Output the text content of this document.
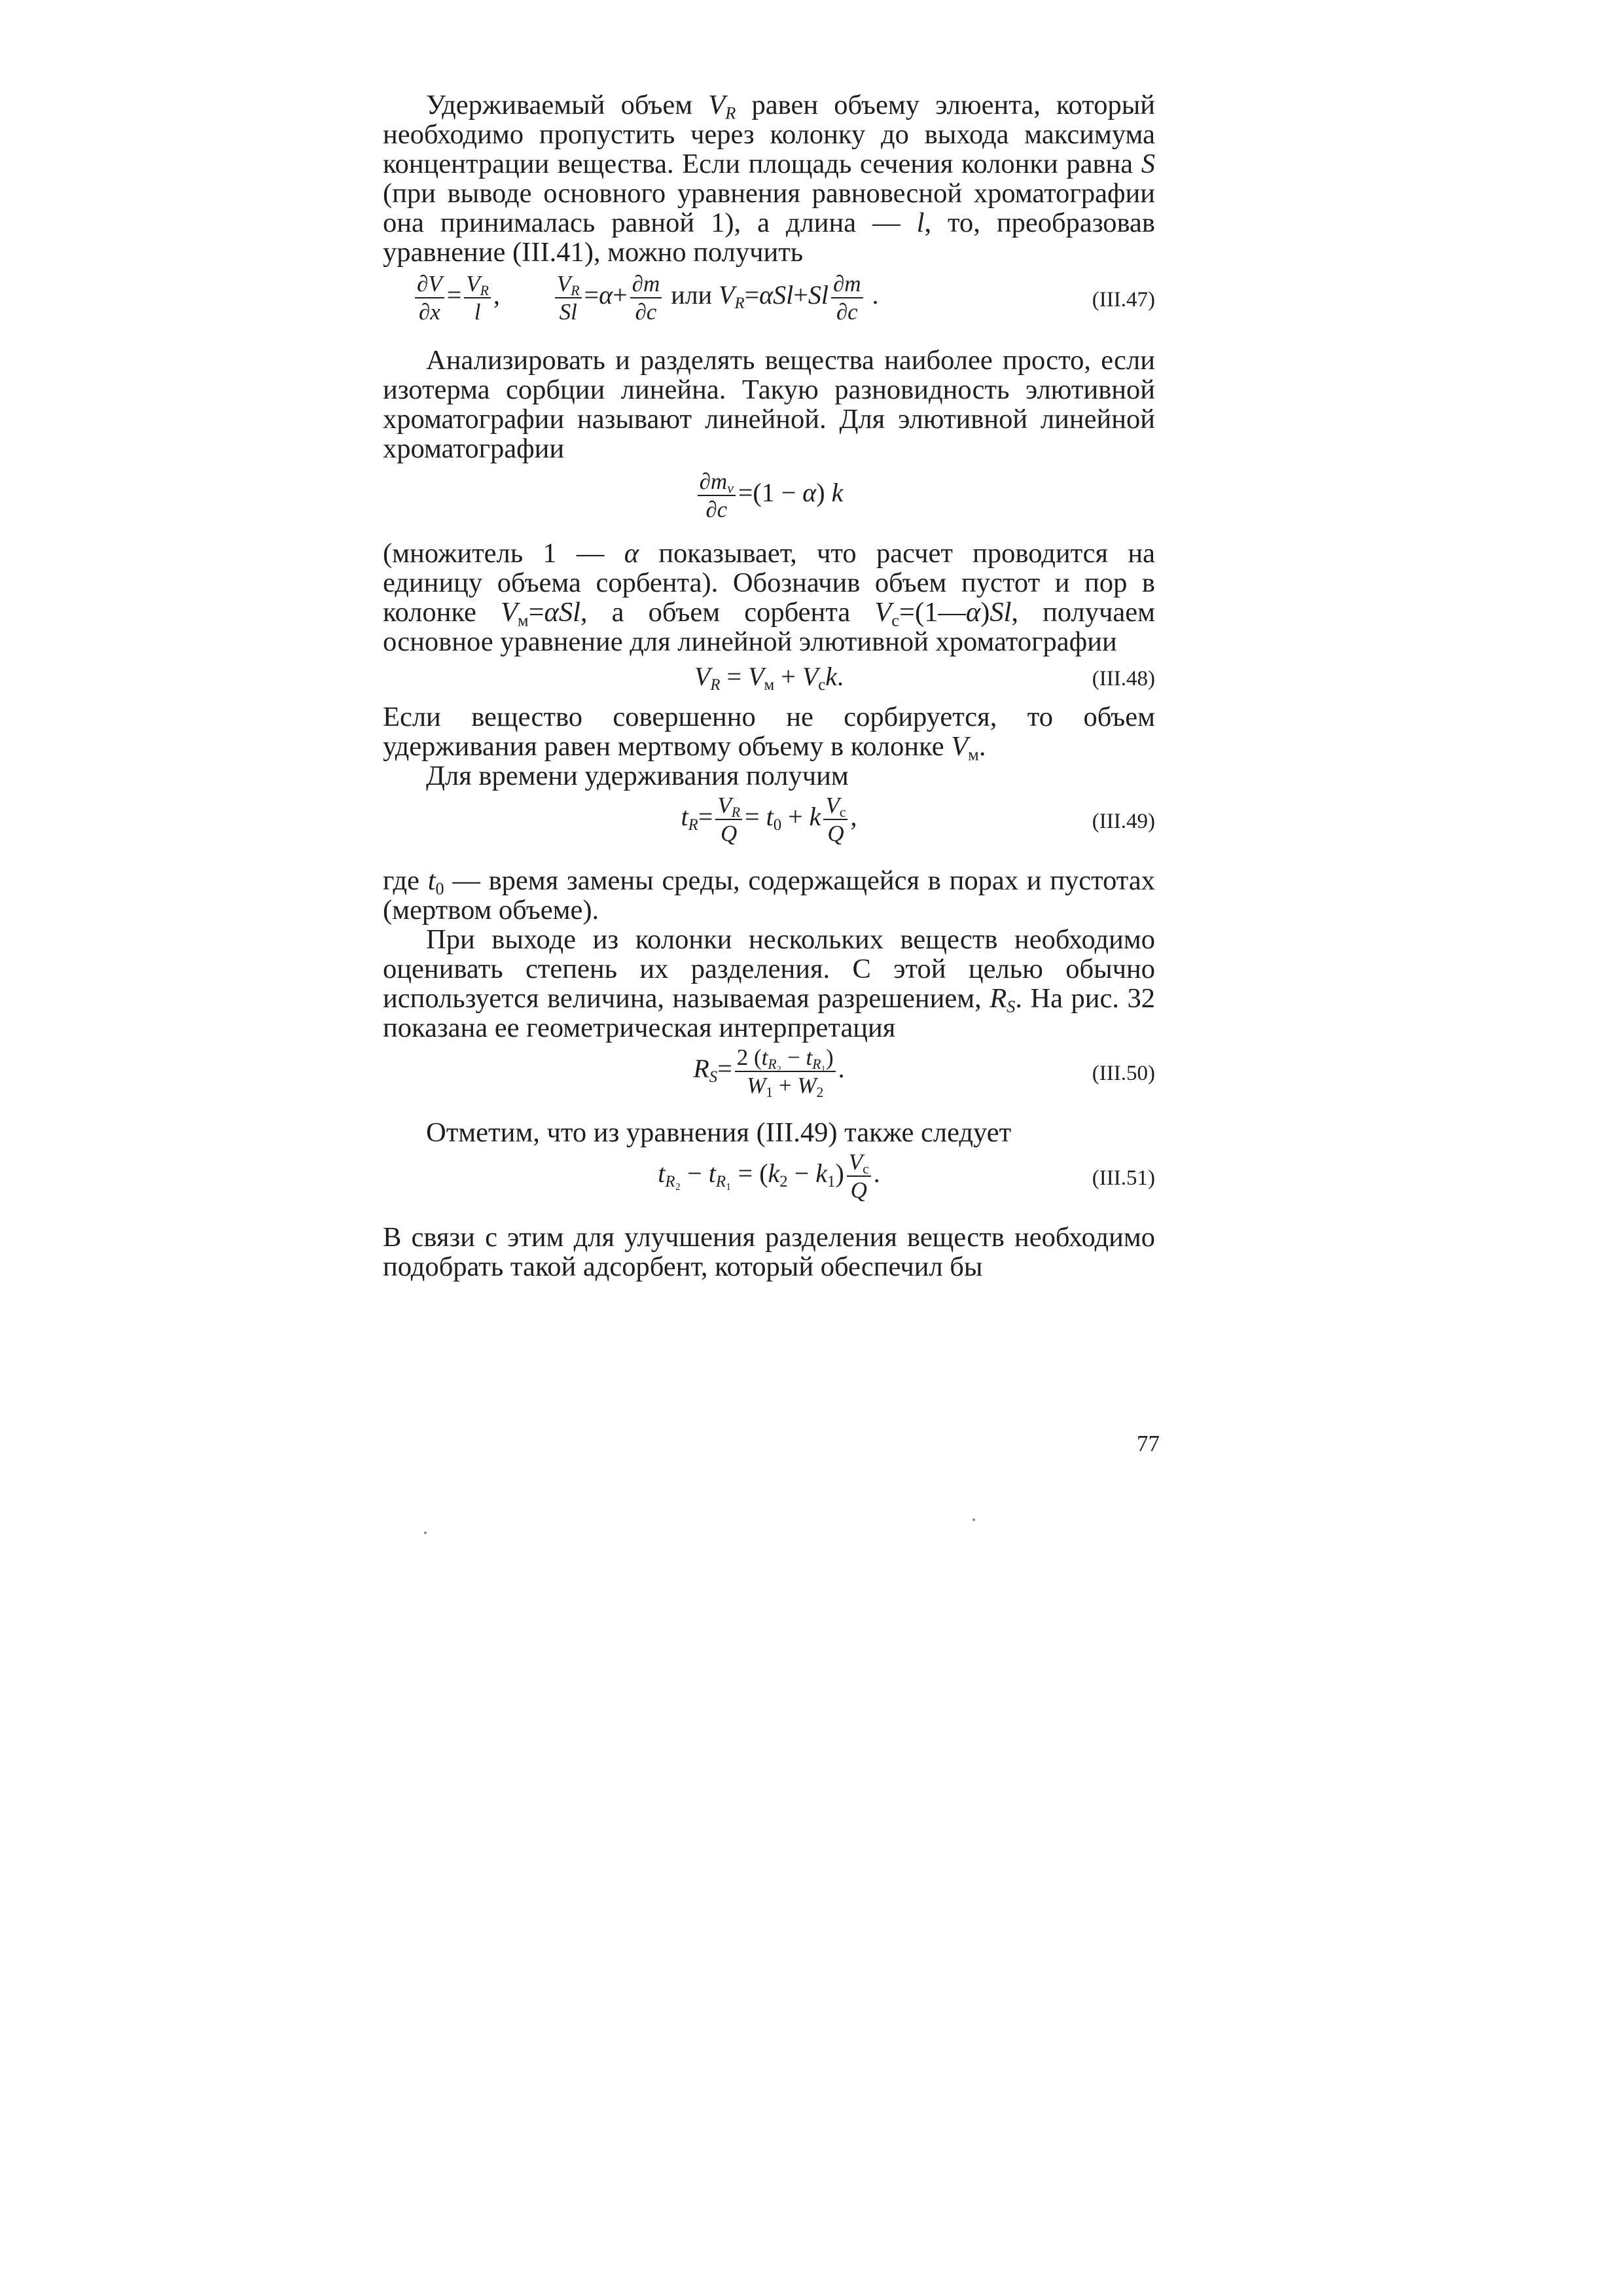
Удерживаемый объем $V_R$ равен объему элюента, который необходимо пропустить через колонку до выхода максимума концентрации вещества. Если площадь сечения колонки равна S (при выводе основного уравнения равновесной хроматографии она принималась равной 1), а длина — l, то, преобразовав уравнение (III.41), можно получить

$\frac{\partial V}{\partial x} = \frac{V_R}{l}$ , $\frac{V_R}{Sl} =\alpha+ \frac{\partial m}{\partial c}$ или $V_R=\alpha Sl+Sl \frac{\partial m}{\partial c}$ .	(III.47)

Анализировать и разделять вещества наиболее просто, если изотерма сорбции линейна. Такую разновидность элютивной хроматографии называют линейной. Для элютивной линейной хроматографии

$\frac{\partial m_v}{\partial c} =(1 - \alpha)$ k

(множитель 1 — α показывает, что расчет проводится на единицу объема сорбента). Обозначив объем пустот и пор в колонке $V_м=\alpha Sl$, а объем сорбента $V_c=(1—\alpha)Sl$, получаем основное уравнение для линейной элютивной хроматографии

$V_R = V_м + V_ck$.	(III.48)

Если вещество совершенно не сорбируется, то объем удерживания равен мертвому объему в колонке $V_м$.

Для времени удерживания получим

$t_R= \frac{V_R}{Q} = t_0 + k \frac{V_c}{Q}$ ,	(III.49)

где $t_0$ — время замены среды, содержащейся в порах и пустотах (мертвом объеме).

При выходе из колонки нескольких веществ необходимо оценивать степень их разделения. С этой целью обычно используется величина, называемая разрешением, $R_S$. На рис. 32 показана ее геометрическая интерпретация

$R_S= \frac{2 (t_{R_2} - t_{R_1})}{W_1 + W_2}$ .	(III.50)

Отметим, что из уравнения (III.49) также следует

$t_{R_2} - t_{R_1} = (k_2 - k_1) \frac{V_c}{Q}$ .	(III.51)

В связи с этим для улучшения разделения веществ необходимо подобрать такой адсорбент, который обеспечил бы

77
